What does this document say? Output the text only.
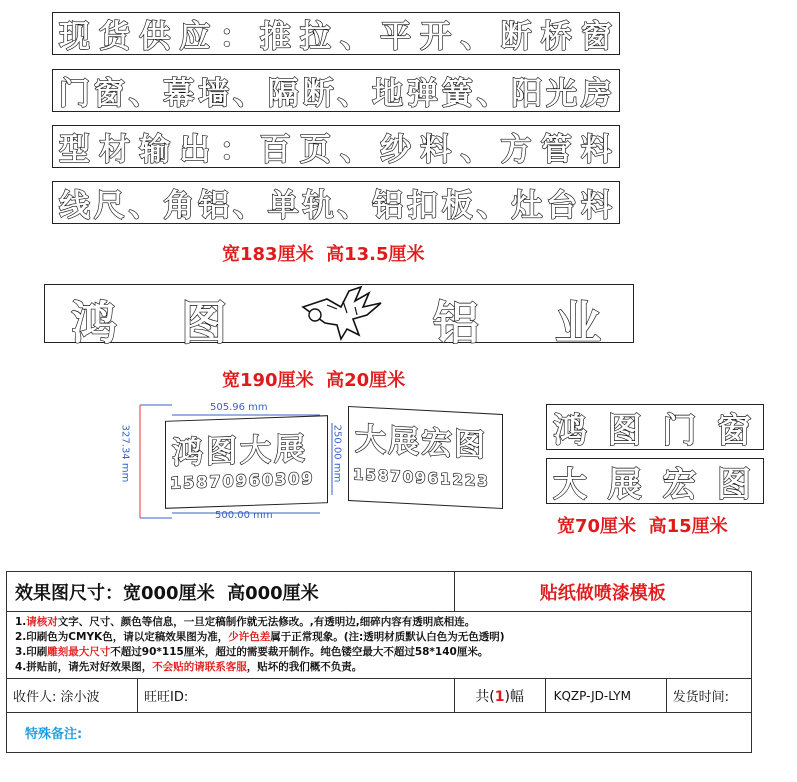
现 货 供 应 ： 推 拉 、 平 开 、 断 桥 窗
门 窗 、 幕 墙 、 隔 断 、 地 弹 簧 、 阳 光 房
型 材 输 出 ： 百 页 、 纱 料 、 方 管 料
线 尺 、 角 铝 、 单 轨 、 铝 扣 板 、 灶 台 料
宽183厘米  高13.5厘米
鸿 图	铝 业
宽190厘米  高20厘米
505.96 mm
327.34 mm	250.00 mm
500.00 mm
鸿图大展
15870960309
大展宏图
15870961223
鸿 图 门 窗
大 展 宏 图
宽70厘米  高15厘米
效果图尺寸：宽000厘米  高000厘米		贴纸做喷漆模板		

1.请核对文字、尺寸、颜色等信息，一旦定稿制作就无法修改。,有透明边,细碎内容有透明底相连。
2.印刷色为CMYK色，请以定稿效果图为准，少许色差属于正常现象。(注:透明材质默认白色为无色透明)
3.印刷雕刻最大尺寸不超过90*115厘米，超过的需要裁开制作。纯色镂空最大不超过58*140厘米。
4.拼贴前，请先对好效果图，不会贴的请联系客服，贴坏的我们概不负责。				

收件人: 涂小波	旺旺ID:	共(1)幅	KQZP-JD-LYM	发货时间:
特殊备注:				
